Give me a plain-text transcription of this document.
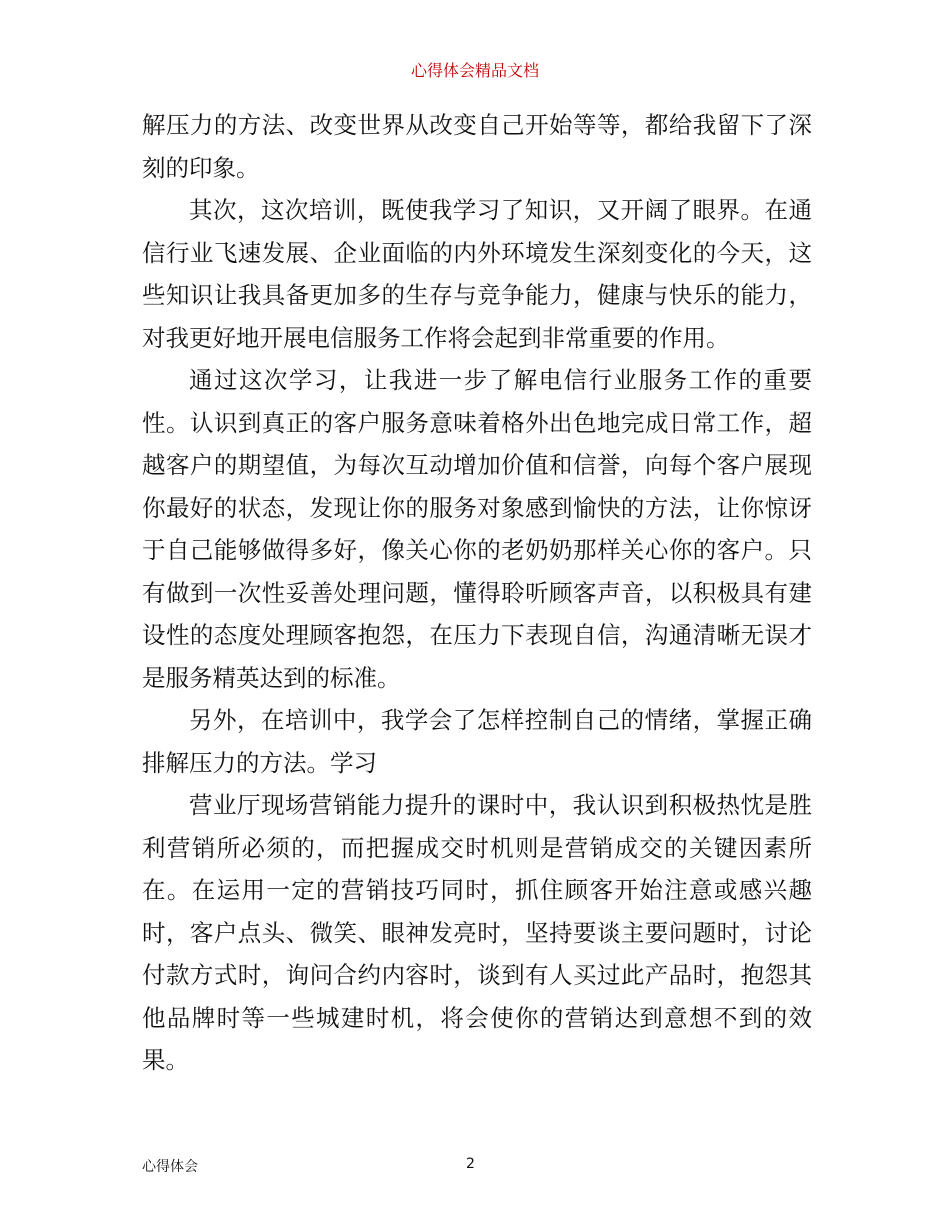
心得体会精品文档

解压力的方法、改变世界从改变自己开始等等，都给我留下了深刻的印象。

其次，这次培训，既使我学习了知识，又开阔了眼界。在通信行业飞速发展、企业面临的内外环境发生深刻变化的今天，这些知识让我具备更加多的生存与竞争能力，健康与快乐的能力，对我更好地开展电信服务工作将会起到非常重要的作用。

通过这次学习，让我进一步了解电信行业服务工作的重要性。认识到真正的客户服务意味着格外出色地完成日常工作，超越客户的期望值，为每次互动增加价值和信誉，向每个客户展现你最好的状态，发现让你的服务对象感到愉快的方法，让你惊讶于自己能够做得多好，像关心你的老奶奶那样关心你的客户。只有做到一次性妥善处理问题，懂得聆听顾客声音，以积极具有建设性的态度处理顾客抱怨，在压力下表现自信，沟通清晰无误才是服务精英达到的标准。

另外，在培训中，我学会了怎样控制自己的情绪，掌握正确排解压力的方法。学习

营业厅现场营销能力提升的课时中，我认识到积极热忱是胜利营销所必须的，而把握成交时机则是营销成交的关键因素所在。在运用一定的营销技巧同时，抓住顾客开始注意或感兴趣时，客户点头、微笑、眼神发亮时，坚持要谈主要问题时，讨论付款方式时，询问合约内容时，谈到有人买过此产品时，抱怨其他品牌时等一些城建时机，将会使你的营销达到意想不到的效果。

心得体会	2
